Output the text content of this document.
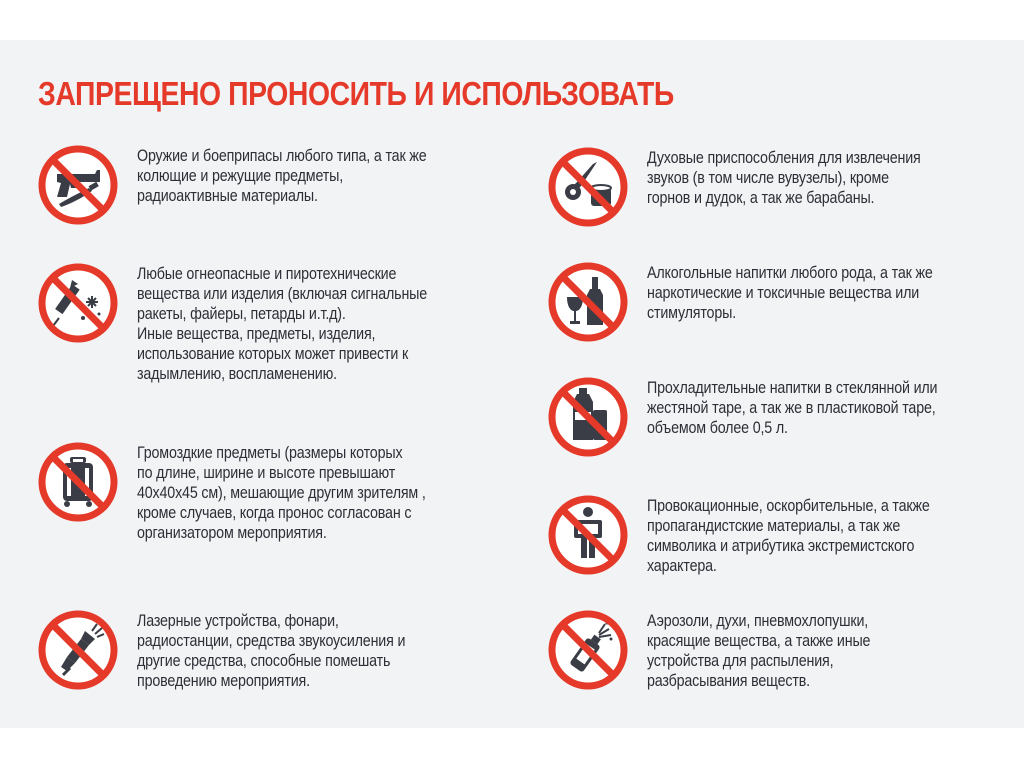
ЗАПРЕЩЕНО ПРОНОСИТЬ И ИСПОЛЬЗОВАТЬ
Оружие и боеприпасы любого типа, а так же
колющие и режущие предметы,
радиоактивные материалы.
Любые огнеопасные и пиротехнические
вещества или изделия (включая сигнальные
ракеты, файеры, петарды и.т.д).
Иные вещества, предметы, изделия,
использование которых может привести к
задымлению, воспламенению.
Громоздкие предметы (размеры которых
по длине, ширине и высоте превышают
40х40х45 см), мешающие другим зрителям ,
кроме случаев, когда пронос согласован с
организатором мероприятия.
Лазерные устройства, фонари,
радиостанции, средства звукоусиления и
другие средства, способные помешать
проведению мероприятия.
Духовые приспособления для извлечения
звуков (в том числе вувузелы), кроме
горнов и дудок, а так же барабаны.
Алкогольные напитки любого рода, а так же
наркотические и токсичные вещества или
стимуляторы.
Прохладительные напитки в стеклянной или
жестяной таре, а так же в пластиковой таре,
объемом более 0,5 л.
Провокационные, оскорбительные, а также
пропагандистские материалы, а так же
символика и атрибутика экстремистского
характера.
Аэрозоли, духи, пневмохлопушки,
красящие вещества, а также иные
устройства для распыления,
разбрасывания веществ.
